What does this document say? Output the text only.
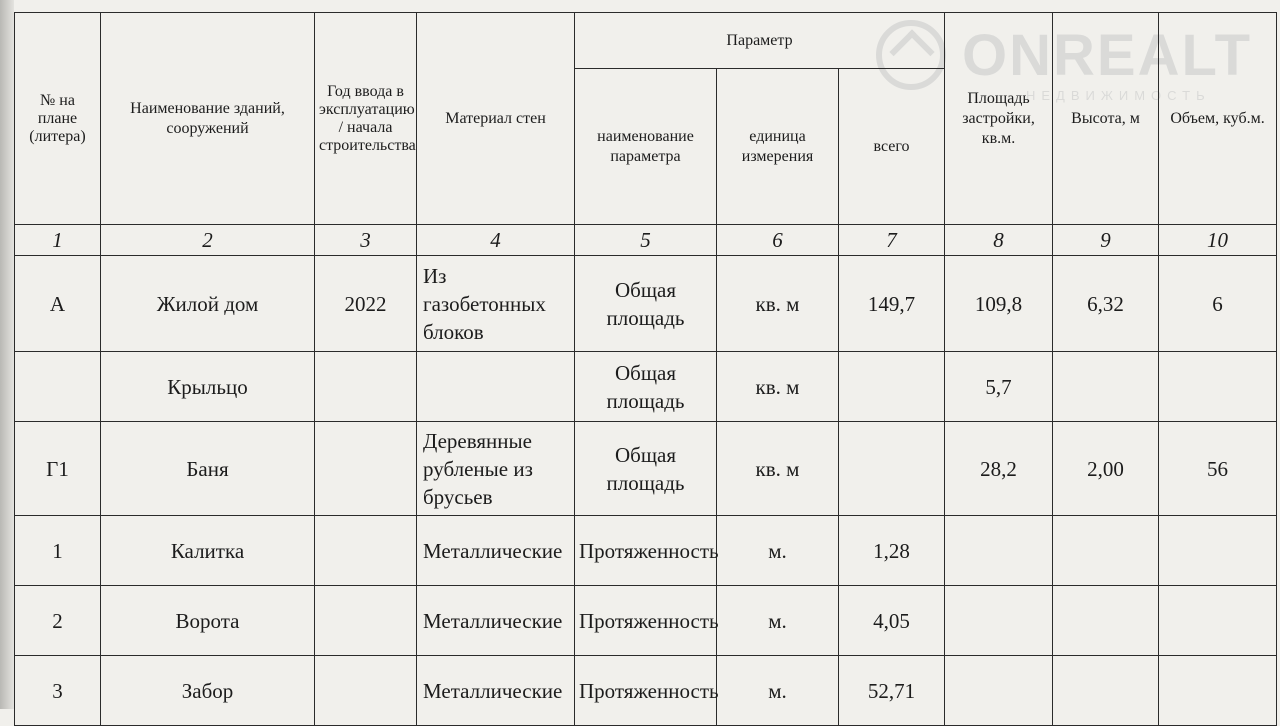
ONREALT
НЕДВИЖИМОСТЬ
№ на плане (литера)	Наименование зданий, сооружений	Год ввода в эксплуатацию / начала строительства	Материал стен	Параметр			Площадь застройки, кв.м.	Высота, м	Объем, куб.м.
				наименование параметра	единица измерения	всего			
1	2	3	4	5	6	7	8	9	10
А	Жилой дом	2022	Из газобетонных блоков	Общая площадь	кв. м	149,7	109,8	6,32	6
	Крыльцо			Общая площадь	кв. м		5,7		
Г1	Баня		Деревянные рубленые из брусьев	Общая площадь	кв. м		28,2	2,00	56
1	Калитка		Металлические	Протяженность	м.	1,28			
2	Ворота		Металлические	Протяженность	м.	4,05			
3	Забор		Металлические	Протяженность	м.	52,71			
